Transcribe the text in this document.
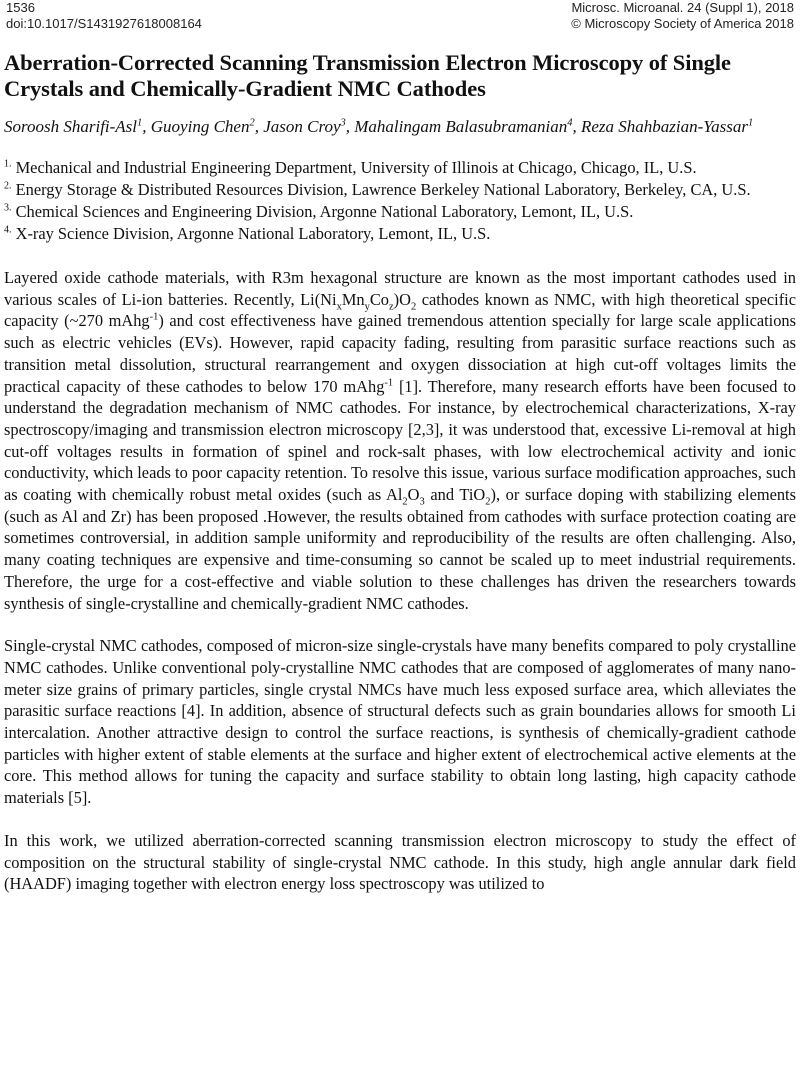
1536	Microsc. Microanal. 24 (Suppl 1), 2018
doi:10.1017/S1431927618008164	© Microscopy Society of America 2018
Aberration-Corrected Scanning Transmission Electron Microscopy of Single Crystals and Chemically-Gradient NMC Cathodes
Soroosh Sharifi-Asl$^1$, Guoying Chen$^2$, Jason Croy$^3$, Mahalingam Balasubramanian$^4$, Reza Shahbazian-Yassar$^1$
$^{1.}$ Mechanical and Industrial Engineering Department, University of Illinois at Chicago, Chicago, IL, U.S.
$^{2.}$ Energy Storage & Distributed Resources Division, Lawrence Berkeley National Laboratory, Berkeley, CA, U.S.
$^{3.}$ Chemical Sciences and Engineering Division, Argonne National Laboratory, Lemont, IL, U.S.
$^{4.}$ X-ray Science Division, Argonne National Laboratory, Lemont, IL, U.S.

Layered oxide cathode materials, with R3m hexagonal structure are known as the most important cathodes used in various scales of Li-ion batteries. Recently, $Li(Ni_xMn_yCo_z)O_2$ cathodes known as NMC, with high theoretical specific capacity (~270 mAhg$^{-1}$) and cost effectiveness have gained tremendous attention specially for large scale applications such as electric vehicles (EVs). However, rapid capacity fading, resulting from parasitic surface reactions such as transition metal dissolution, structural rearrangement and oxygen dissociation at high cut-off voltages limits the practical capacity of these cathodes to below 170 mAhg$^{-1}$ [1]. Therefore, many research efforts have been focused to understand the degradation mechanism of NMC cathodes. For instance, by electrochemical characterizations, X-ray spectroscopy/imaging and transmission electron microscopy [2,3], it was understood that, excessive Li-removal at high cut-off voltages results in formation of spinel and rock-salt phases, with low electrochemical activity and ionic conductivity, which leads to poor capacity retention. To resolve this issue, various surface modification approaches, such as coating with chemically robust metal oxides (such as $Al_2O_3$ and TiO$_2$), or surface doping with stabilizing elements (such as Al and Zr) has been proposed .However, the results obtained from cathodes with surface protection coating are sometimes controversial, in addition sample uniformity and reproducibility of the results are often challenging. Also, many coating techniques are expensive and time-consuming so cannot be scaled up to meet industrial requirements. Therefore, the urge for a cost-effective and viable solution to these challenges has driven the researchers towards synthesis of single-crystalline and chemically-gradient NMC cathodes.

Single-crystal NMC cathodes, composed of micron-size single-crystals have many benefits compared to poly crystalline NMC cathodes. Unlike conventional poly-crystalline NMC cathodes that are composed of agglomerates of many nano-meter size grains of primary particles, single crystal NMCs have much less exposed surface area, which alleviates the parasitic surface reactions [4]. In addition, absence of structural defects such as grain boundaries allows for smooth Li intercalation. Another attractive design to control the surface reactions, is synthesis of chemically-gradient cathode particles with higher extent of stable elements at the surface and higher extent of electrochemical active elements at the core. This method allows for tuning the capacity and surface stability to obtain long lasting, high capacity cathode materials [5].

In this work, we utilized aberration-corrected scanning transmission electron microscopy to study the effect of composition on the structural stability of single-crystal NMC cathode. In this study, high angle annular dark field (HAADF) imaging together with electron energy loss spectroscopy was utilized to
